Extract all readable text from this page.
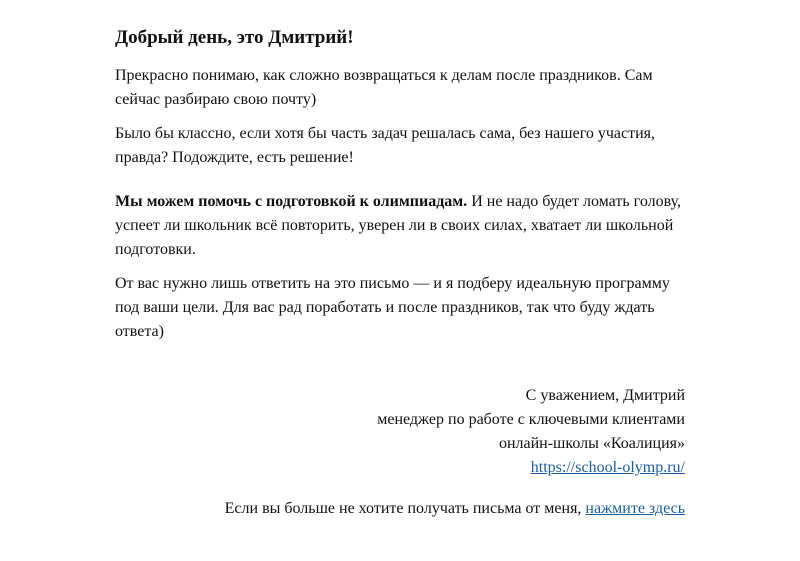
Добрый день, это Дмитрий!

Прекрасно понимаю, как сложно возвращаться к делам после праздников. Сам сейчас разбираю свою почту)

Было бы классно, если хотя бы часть задач решалась сама, без нашего участия, правда? Подождите, есть решение!

Мы можем помочь с подготовкой к олимпиадам. И не надо будет ломать голову, успеет ли школьник всё повторить, уверен ли в своих силах, хватает ли школьной подготовки.

От вас нужно лишь ответить на это письмо — и я подберу идеальную программу под ваши цели. Для вас рад поработать и после праздников, так что буду ждать ответа)

С уважением, Дмитрий
менеджер по работе с ключевыми клиентами
онлайн-школы «Коалиция»
https://school-olymp.ru/
Если вы больше не хотите получать письма от меня, нажмите здесь
